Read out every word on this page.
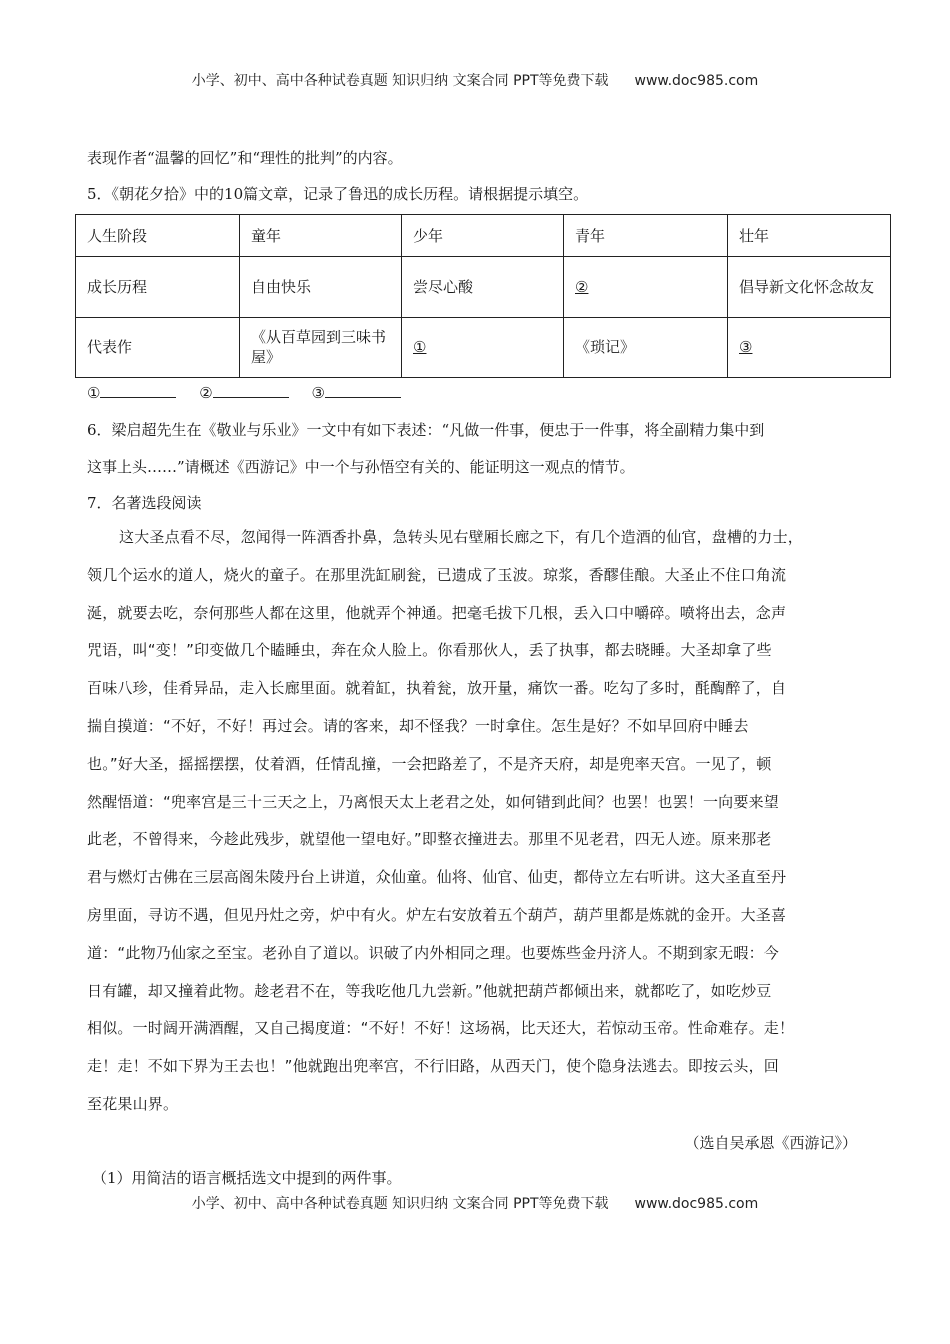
小学、初中、高中各种试卷真题 知识归纳 文案合同 PPT等免费下载 www.doc985.com
表现作者“温馨的回忆”和“理性的批判”的内容。
5．《朝花夕拾》中的10篇文章，记录了鲁迅的成长历程。请根据提示填空。
人生阶段	童年	少年	青年	壮年
成长历程	自由快乐	尝尽心酸	②	倡导新文化怀念故友
代表作	《从百草园到三味书屋》	①	《琐记》	③
①	②	③
6．梁启超先生在《敬业与乐业》一文中有如下表述：“凡做一件事，便忠于一件事，将全副精力集中到
这事上头……”请概述《西游记》中一个与孙悟空有关的、能证明这一观点的情节。
7．名著选段阅读
这大圣点看不尽，忽闻得一阵酒香扑鼻，急转头见右壁厢长廊之下，有几个造酒的仙官，盘槽的力士，
领几个运水的道人，烧火的童子。在那里洗缸刷瓮，已遗成了玉波。琼浆，香醪佳酿。大圣止不住口角流
涎，就要去吃，奈何那些人都在这里，他就弄个神通。把毫毛拔下几根，丢入口中嚼碎。喷将出去，念声
咒语，叫“变！”印变做几个瞌睡虫，奔在众人脸上。你看那伙人，丢了执事，都去晓睡。大圣却拿了些
百味八珍，佳肴异品，走入长廊里面。就着缸，执着瓮，放开量，痛饮一番。吃勾了多时，酕醄醉了，自
揣自摸道：“不好，不好！再过会。请的客来，却不怪我？一时拿住。怎生是好？不如早回府中睡去
也。”好大圣，摇摇摆摆，仗着酒，任情乱撞，一会把路差了，不是齐天府，却是兜率天宫。一见了，顿
然醒悟道：“兜率宫是三十三天之上，乃离恨天太上老君之处，如何错到此间？也罢！也罢！一向要来望
此老，不曾得来，今趁此残步，就望他一望电好。”即整衣撞进去。那里不见老君，四无人迹。原来那老
君与燃灯古佛在三层高阁朱陵丹台上讲道，众仙童。仙将、仙官、仙吏，都侍立左右听讲。这大圣直至丹
房里面，寻访不遇，但见丹灶之旁，炉中有火。炉左右安放着五个葫芦，葫芦里都是炼就的金开。大圣喜
道：“此物乃仙家之至宝。老孙自了道以。识破了内外相同之理。也要炼些金丹济人。不期到家无暇：今
日有罐，却又撞着此物。趁老君不在，等我吃他几九尝新。”他就把葫芦都倾出来，就都吃了，如吃炒豆
相似。一时阔开满酒醒，又自己揭度道：“不好！不好！这场祸，比天还大，若惊动玉帝。性命难存。走！
走！走！不如下界为王去也！”他就跑出兜率宫，不行旧路，从西天门，使个隐身法逃去。即按云头，回
至花果山界。
（选自吴承恩《西游记》）
（1）用简洁的语言概括选文中提到的两件事。
小学、初中、高中各种试卷真题 知识归纳 文案合同 PPT等免费下载 www.doc985.com
